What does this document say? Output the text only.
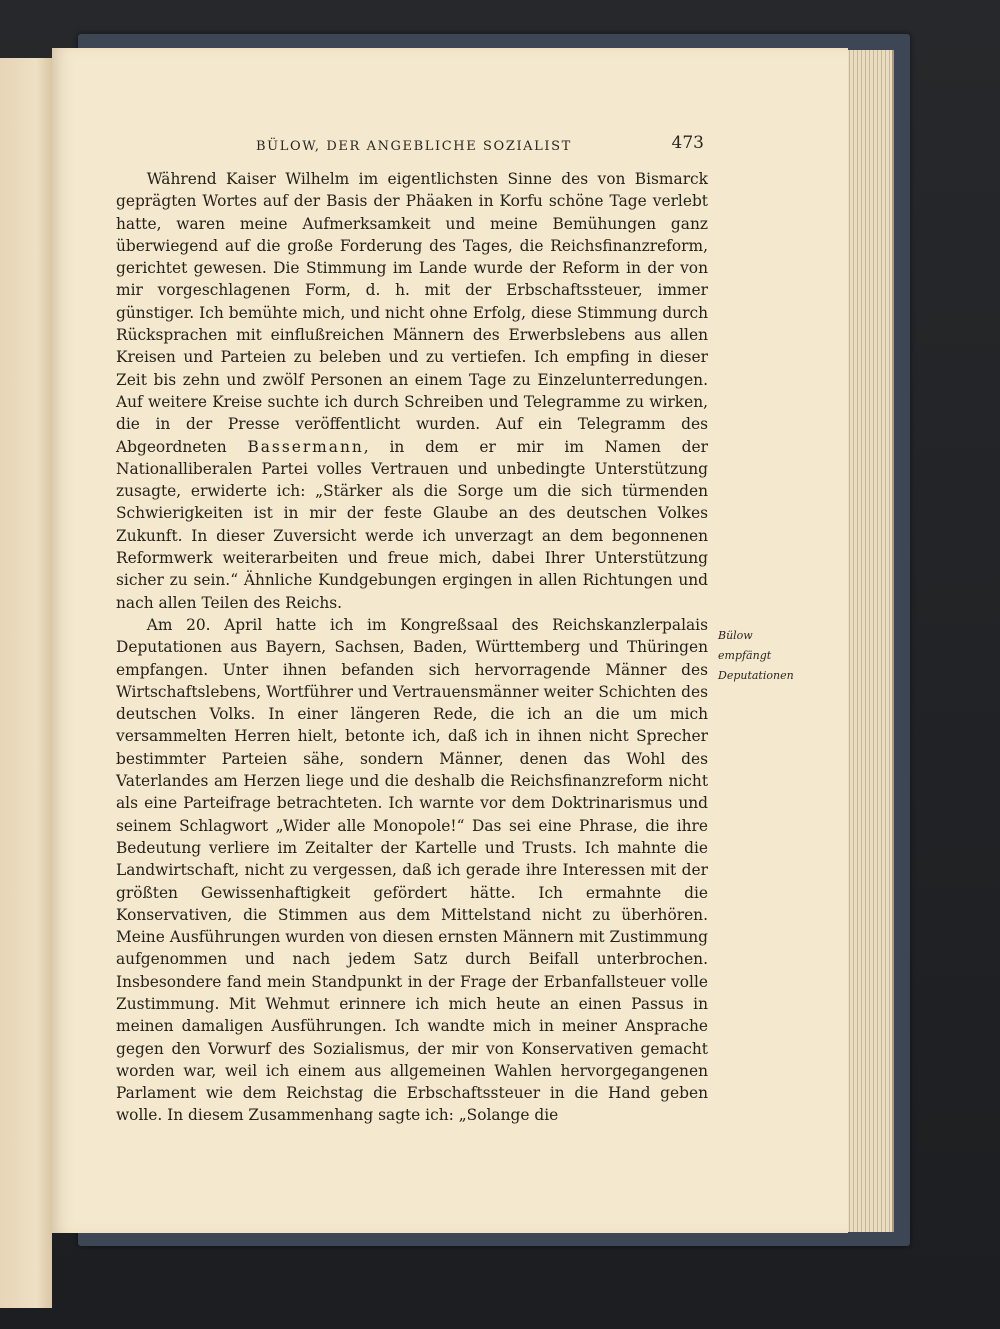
BÜLOW, DER ANGEBLICHE SOZIALIST	473

Während Kaiser Wilhelm im eigentlichsten Sinne des von Bismarck geprägten Wortes auf der Basis der Phäaken in Korfu schöne Tage verlebt hatte, waren meine Aufmerksamkeit und meine Bemühungen ganz überwiegend auf die große Forderung des Tages, die Reichsfinanzreform, gerichtet gewesen. Die Stimmung im Lande wurde der Reform in der von mir vorgeschlagenen Form, d. h. mit der Erbschaftssteuer, immer günstiger. Ich bemühte mich, und nicht ohne Erfolg, diese Stimmung durch Rücksprachen mit einflußreichen Männern des Erwerbslebens aus allen Kreisen und Parteien zu beleben und zu vertiefen. Ich empfing in dieser Zeit bis zehn und zwölf Personen an einem Tage zu Einzelunterredungen. Auf weitere Kreise suchte ich durch Schreiben und Telegramme zu wirken, die in der Presse veröffentlicht wurden. Auf ein Telegramm des Abgeordneten Bassermann, in dem er mir im Namen der Nationalliberalen Partei volles Vertrauen und unbedingte Unterstützung zusagte, erwiderte ich: „Stärker als die Sorge um die sich türmenden Schwierigkeiten ist in mir der feste Glaube an des deutschen Volkes Zukunft. In dieser Zuversicht werde ich unverzagt an dem begonnenen Reformwerk weiterarbeiten und freue mich, dabei Ihrer Unterstützung sicher zu sein.“ Ähnliche Kundgebungen ergingen in allen Richtungen und nach allen Teilen des Reichs.

Am 20. April hatte ich im Kongreßsaal des Reichskanzlerpalais Deputationen aus Bayern, Sachsen, Baden, Württemberg und Thüringen empfangen. Unter ihnen befanden sich hervorragende Männer des Wirtschaftslebens, Wortführer und Vertrauensmänner weiter Schichten des deutschen Volks. In einer längeren Rede, die ich an die um mich versammelten Herren hielt, betonte ich, daß ich in ihnen nicht Sprecher bestimmter Parteien sähe, sondern Männer, denen das Wohl des Vaterlandes am Herzen liege und die deshalb die Reichsfinanzreform nicht als eine Parteifrage betrachteten. Ich warnte vor dem Doktrinarismus und seinem Schlagwort „Wider alle Monopole!“ Das sei eine Phrase, die ihre Bedeutung verliere im Zeitalter der Kartelle und Trusts. Ich mahnte die Landwirtschaft, nicht zu vergessen, daß ich gerade ihre Interessen mit der größten Gewissenhaftigkeit gefördert hätte. Ich ermahnte die Konservativen, die Stimmen aus dem Mittelstand nicht zu überhören. Meine Ausführungen wurden von diesen ernsten Männern mit Zustimmung aufgenommen und nach jedem Satz durch Beifall unterbrochen. Insbesondere fand mein Standpunkt in der Frage der Erbanfallsteuer volle Zustimmung. Mit Wehmut erinnere ich mich heute an einen Passus in meinen damaligen Ausführungen. Ich wandte mich in meiner Ansprache gegen den Vorwurf des Sozialismus, der mir von Konservativen gemacht worden war, weil ich einem aus allgemeinen Wahlen hervorgegangenen Parlament wie dem Reichstag die Erbschaftssteuer in die Hand geben wolle. In diesem Zusammenhang sagte ich: „Solange die

Bülow
empfängt
Deputationen
